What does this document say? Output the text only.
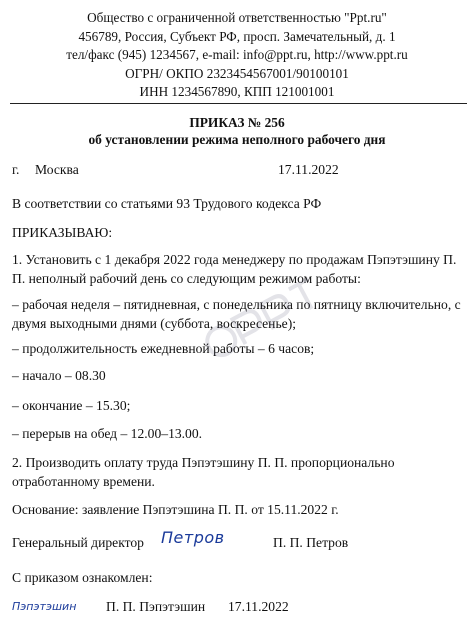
Общество с ограниченной ответственностью "Ppt.ru"
456789, Россия, Субъект РФ, просп. Замечательный, д. 1
тел/факс (945) 1234567, e-mail: info@ppt.ru, http://www.ppt.ru
ОГРН/ ОКПО 2323454567001/90100101
ИНН 1234567890, КПП 121001001
ПРИКАЗ № 256
об установлении режима неполного рабочего дня
г. Москва	17.11.2022
В соответствии со статьями 93 Трудового кодекса РФ
ПРИКАЗЫВАЮ:
1. Установить с 1 декабря 2022 года менеджеру по продажам Пэпэтэшину П.
П. неполный рабочий день со следующим режимом работы:
– рабочая неделя – пятидневная, с понедельника по пятницу включительно, с
двумя выходными днями (суббота, воскресенье);
– продолжительность ежедневной работы – 6 часов;
– начало – 08.30
– окончание – 15.30;
– перерыв на обед – 12.00–13.00.
2. Производить оплату труда Пэпэтэшину П. П. пропорционально
отработанному времени.
Основание: заявление Пэпэтэшина П. П. от 15.11.2022 г.
Генеральный директор Петров	П. П. Петров
С приказом ознакомлен:
Пэпэтэшин П. П. Пэпэтэшин 17.11.2022
